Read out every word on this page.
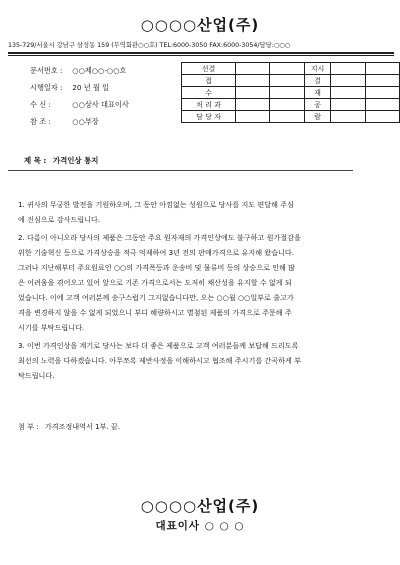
○○○○산업(주)
135-729/서울시 강남구 삼성동 159 (무역회관○○호) TEL:6000-3050 FAX:6000-3054/담당:○○○
문서번호 : ○○제○○-○○호
시행일자 : 20 년 월 일
수 신 :	○○상사 대표이사
참 조 :	○○부장
선결			지시		
접			결		
수			재		
처 리 과			공		
담 당 자			람		
제 목 : 가격인상 통지
1. 귀사의 무궁한 발전을 기원하오며, 그 동안 아낌없는 성원으로 당사를 지도 편달해 주심
에 진심으로 감사드립니다.
2. 다름이 아니오라 당사의 제품은 그동안 주요 원자재의 가격인상에도 불구하고 원가절감을
위한 기술혁신 등으로 가격상승을 적극 억제하여 3년 전의 판매가격으로 유지해 왔습니다.
그러나 지난해부터 주요원료인 ○○의 가격폭등과 운송비 및 물류비 등의 상승으로 인해 많
은 어려움을 겪어오고 있어 앞으로 기존 가격으로서는 도저히 채산성을 유지할 수 없게 되
었습니다. 이에 고객 여러분께 송구스럽기 그지없습니다만, 오는 ○○월 ○○일부로 출고가
격을 변경하지 않을 수 없게 되었으니 부디 혜량하시고 별첨된 제품의 가격으로 주문해 주
시기를 부탁드립니다.
3. 이번 가격인상을 계기로 당사는 보다 더 좋은 제품으로 고객 여러분들께 보답해 드리도록
최선의 노력을 다하겠습니다. 아무쪼록 제반사정을 이해하시고 협조해 주시기를 간곡하게 부
탁드립니다.
첨 부 : 가격조정내역서 1부. 끝.
○○○○산업(주)
대표이사 ○ ○ ○
